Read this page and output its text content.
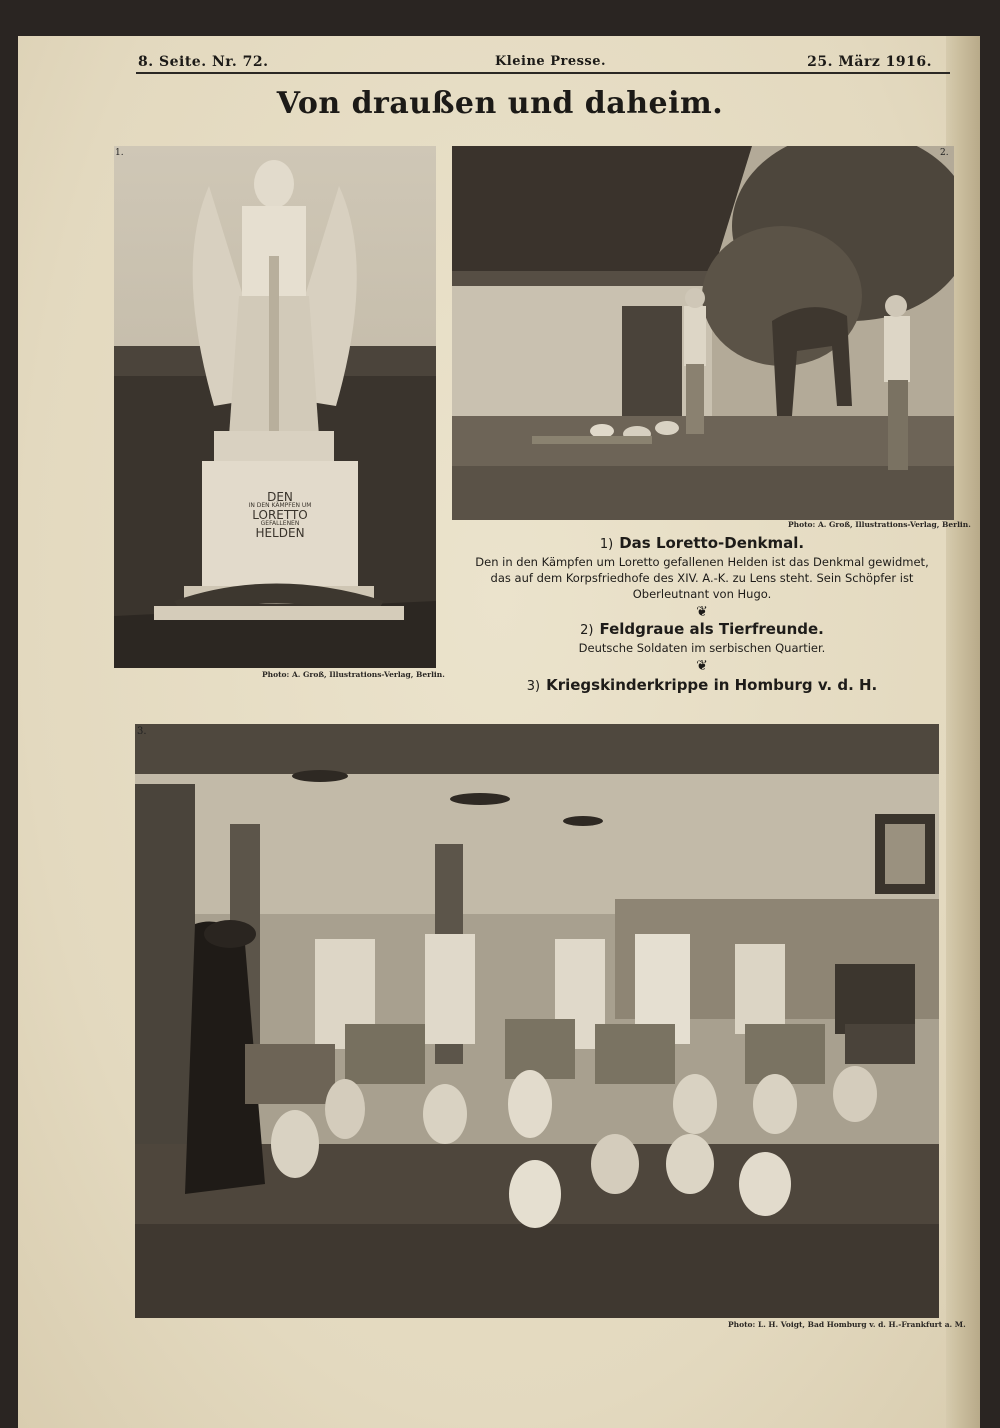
8. Seite. Nr. 72.	Kleine Presse.	25. März 1916.
Von draußen und daheim.
DEN
IN DEN KÄMPFEN UM
LORETTO
GEFALLENEN
HELDEN
1.
Photo: A. Groß, Illustrations-Verlag, Berlin.
2.
Photo: A. Groß, Illustrations-Verlag, Berlin.

1) Das Loretto-Denkmal.

Den in den Kämpfen um Loretto gefallenen Helden ist das Denkmal gewidmet, das auf dem Korpsfriedhofe des XIV. A.-K. zu Lens steht. Sein Schöpfer ist Oberleutnant von Hugo.

❦

2) Feldgraue als Tierfreunde.

Deutsche Soldaten im serbischen Quartier.

❦

3) Kriegskinderkrippe in Homburg v. d. H.

3.
Photo: L. H. Voigt, Bad Homburg v. d. H.-Frankfurt a. M.
